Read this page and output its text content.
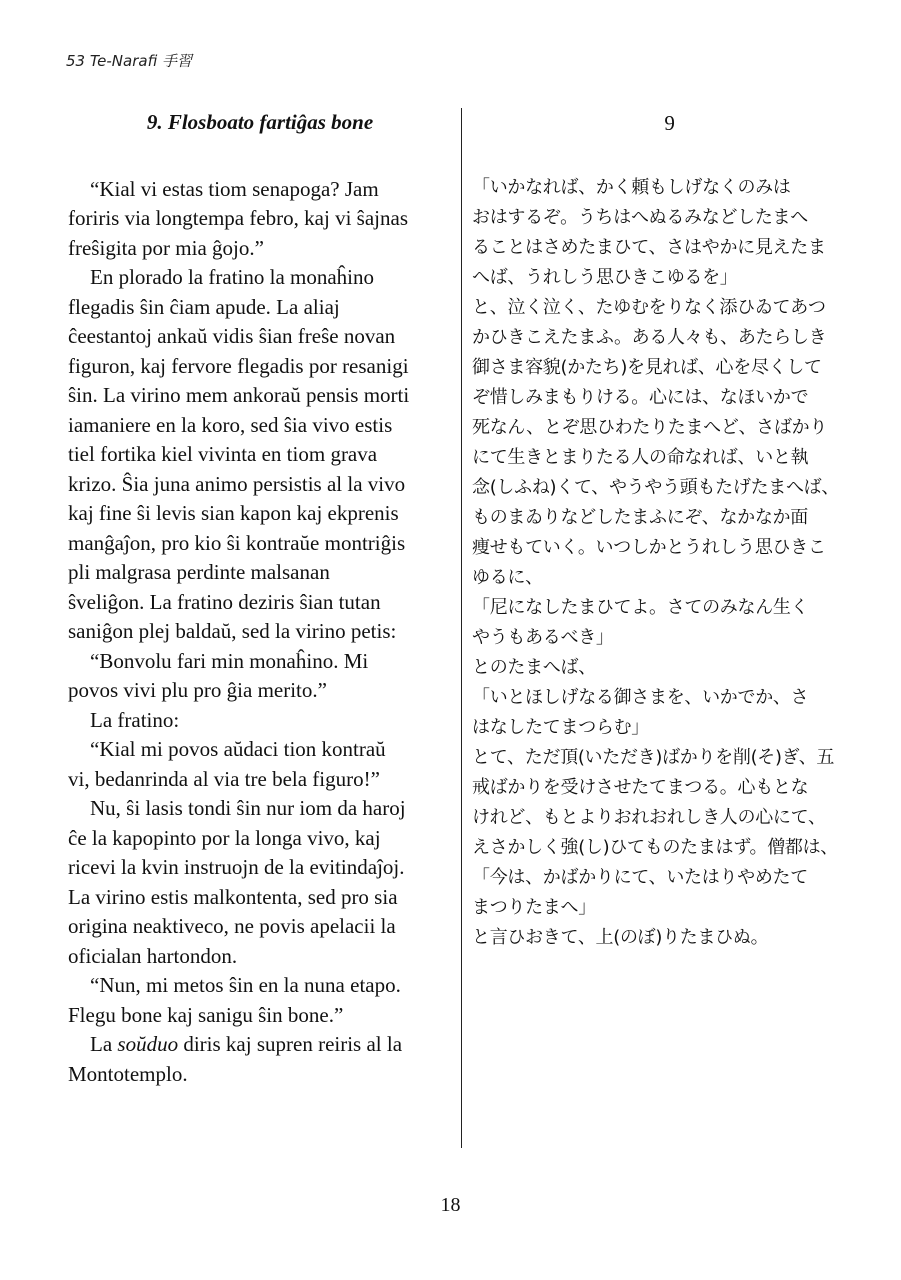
53 Te-Narafi 手習
9. Flosboato fartiĝas bone

“Kial vi estas tiom senapoga? Jam
foriris via longtempa febro, kaj vi ŝajnas
freŝigita por mia ĝojo.”

En plorado la fratino la monaĥino
flegadis ŝin ĉiam apude. La aliaj
ĉeestantoj ankaŭ vidis ŝian freŝe novan
figuron, kaj fervore flegadis por resanigi
ŝin. La virino mem ankoraŭ pensis morti
iamaniere en la koro, sed ŝia vivo estis
tiel fortika kiel vivinta en tiom grava
krizo. Ŝia juna animo persistis al la vivo
kaj fine ŝi levis sian kapon kaj ekprenis
manĝaĵon, pro kio ŝi kontraŭe montriĝis
pli malgrasa perdinte malsanan
ŝveliĝon. La fratino deziris ŝian tutan
saniĝon plej baldaŭ, sed la virino petis:

“Bonvolu fari min monaĥino. Mi
povos vivi plu pro ĝia merito.”

La fratino:

“Kial mi povos aŭdaci tion kontraŭ
vi, bedanrinda al via tre bela figuro!”

Nu, ŝi lasis tondi ŝin nur iom da haroj
ĉe la kapopinto por la longa vivo, kaj
ricevi la kvin instruojn de la evitindaĵoj.
La virino estis malkontenta, sed pro sia
origina neaktiveco, ne povis apelacii la
oficialan hartondon.

“Nun, mi metos ŝin en la nuna etapo.
Flegu bone kaj sanigu ŝin bone.”

La soŭduo diris kaj supren reiris al la
Montotemplo.

9

「いかなれば、かく頼もしげなくのみは
おはするぞ。うちはへぬるみなどしたまへ
ることはさめたまひて、さはやかに見えたま
へば、うれしう思ひきこゆるを」

と、泣く泣く、たゆむをりなく添ひゐてあつ
かひきこえたまふ。ある人々も、あたらしき
御さま容貌(かたち)を見れば、心を尽くして
ぞ惜しみまもりける。心には、なほいかで
死なん、とぞ思ひわたりたまへど、さばかり
にて生きとまりたる人の命なれば、いと執
念(しふね)くて、やうやう頭もたげたまへば、
ものまゐりなどしたまふにぞ、なかなか面
痩せもていく。いつしかとうれしう思ひきこ
ゆるに、

「尼になしたまひてよ。さてのみなん生く
やうもあるべき」

とのたまへば、

「いとほしげなる御さまを、いかでか、さ
はなしたてまつらむ」

とて、ただ頂(いただき)ばかりを削(そ)ぎ、五
戒ばかりを受けさせたてまつる。心もとな
けれど、もとよりおれおれしき人の心にて、
えさかしく強(し)ひてものたまはず。僧都は、

「今は、かばかりにて、いたはりやめたて
まつりたまへ」

と言ひおきて、上(のぼ)りたまひぬ。

18
